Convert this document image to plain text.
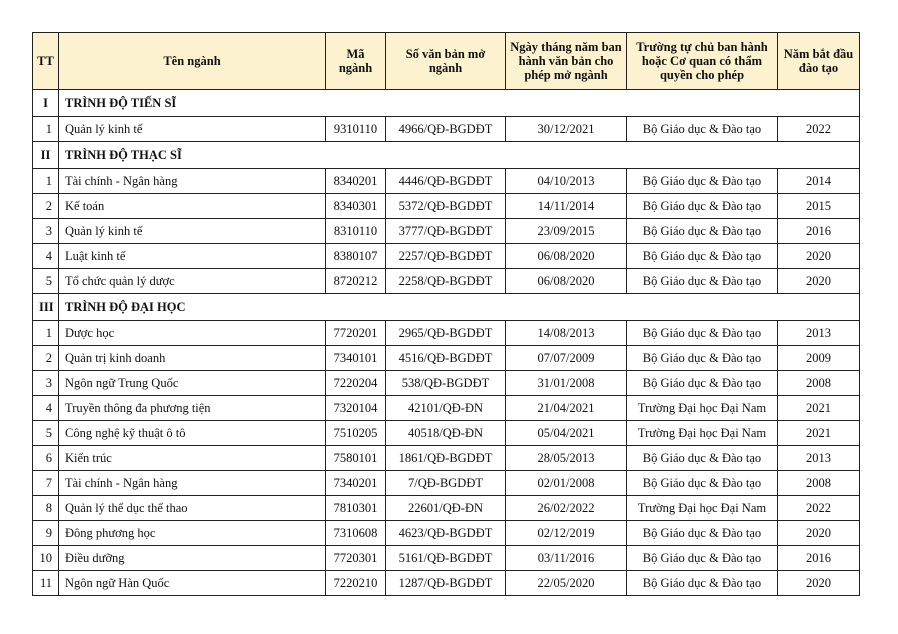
TT	Tên ngành	Mã ngành	Số văn bản mở ngành	Ngày tháng năm ban hành văn bản cho phép mở ngành	Trường tự chủ ban hành hoặc Cơ quan có thẩm quyền cho phép	Năm bắt đầu đào tạo
I	TRÌNH ĐỘ TIẾN SĨ					
1	Quản lý kinh tế	9310110	4966/QĐ-BGDĐT	30/12/2021	Bộ Giáo dục & Đào tạo	2022
II	TRÌNH ĐỘ THẠC SĨ					
1	Tài chính - Ngân hàng	8340201	4446/QĐ-BGDĐT	04/10/2013	Bộ Giáo dục & Đào tạo	2014
2	Kế toán	8340301	5372/QĐ-BGDĐT	14/11/2014	Bộ Giáo dục & Đào tạo	2015
3	Quản lý kinh tế	8310110	3777/QĐ-BGDĐT	23/09/2015	Bộ Giáo dục & Đào tạo	2016
4	Luật kinh tế	8380107	2257/QĐ-BGDĐT	06/08/2020	Bộ Giáo dục & Đào tạo	2020
5	Tổ chức quản lý dược	8720212	2258/QĐ-BGDĐT	06/08/2020	Bộ Giáo dục & Đào tạo	2020
III	TRÌNH ĐỘ ĐẠI HỌC					
1	Dược học	7720201	2965/QĐ-BGDĐT	14/08/2013	Bộ Giáo dục & Đào tạo	2013
2	Quản trị kinh doanh	7340101	4516/QĐ-BGDĐT	07/07/2009	Bộ Giáo dục & Đào tạo	2009
3	Ngôn ngữ Trung Quốc	7220204	538/QĐ-BGDĐT	31/01/2008	Bộ Giáo dục & Đào tạo	2008
4	Truyền thông đa phương tiện	7320104	42101/QĐ-ĐN	21/04/2021	Trường Đại học Đại Nam	2021
5	Công nghệ kỹ thuật ô tô	7510205	40518/QĐ-ĐN	05/04/2021	Trường Đại học Đại Nam	2021
6	Kiến trúc	7580101	1861/QĐ-BGDĐT	28/05/2013	Bộ Giáo dục & Đào tạo	2013
7	Tài chính - Ngân hàng	7340201	7/QĐ-BGDĐT	02/01/2008	Bộ Giáo dục & Đào tạo	2008
8	Quản lý thể dục thể thao	7810301	22601/QĐ-ĐN	26/02/2022	Trường Đại học Đại Nam	2022
9	Đông phương học	7310608	4623/QĐ-BGDĐT	02/12/2019	Bộ Giáo dục & Đào tạo	2020
10	Điều dưỡng	7720301	5161/QĐ-BGDĐT	03/11/2016	Bộ Giáo dục & Đào tạo	2016
11	Ngôn ngữ Hàn Quốc	7220210	1287/QĐ-BGDĐT	22/05/2020	Bộ Giáo dục & Đào tạo	2020
